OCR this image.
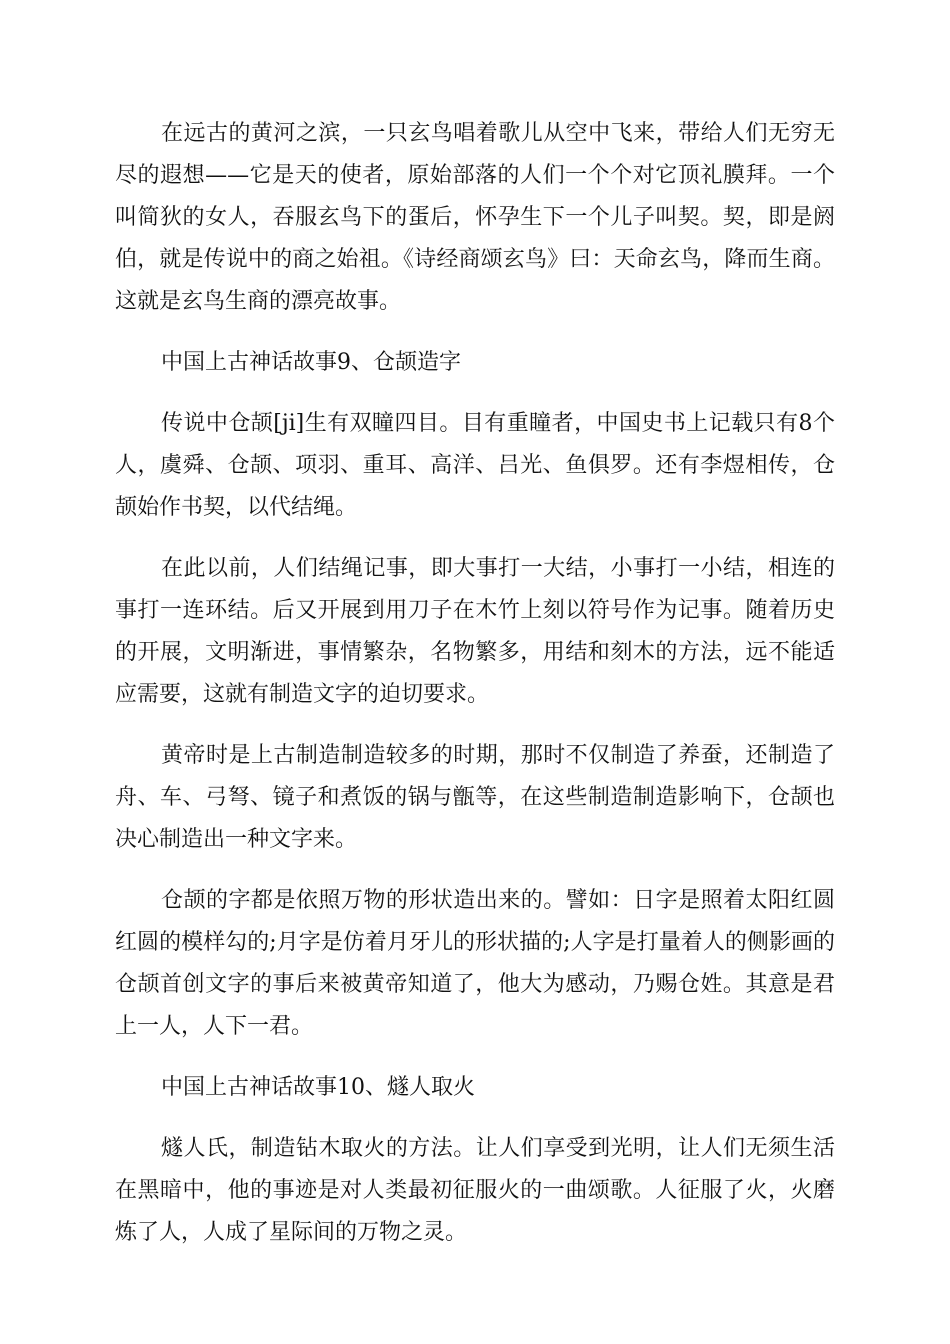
在远古的黄河之滨，一只玄鸟唱着歌儿从空中飞来，带给人们无穷无尽的遐想——它是天的使者，原始部落的人们一个个对它顶礼膜拜。一个叫简狄的女人，吞服玄鸟下的蛋后，怀孕生下一个儿子叫契。契，即是阏伯，就是传说中的商之始祖。《诗经商颂玄鸟》曰：天命玄鸟，降而生商。这就是玄鸟生商的漂亮故事。

中国上古神话故事9、仓颉造字

传说中仓颉[ji]生有双瞳四目。目有重瞳者，中国史书上记载只有8个人，虞舜、仓颉、项羽、重耳、高洋、吕光、鱼俱罗。还有李煜相传，仓颉始作书契，以代结绳。

在此以前，人们结绳记事，即大事打一大结，小事打一小结，相连的事打一连环结。后又开展到用刀子在木竹上刻以符号作为记事。随着历史的开展，文明渐进，事情繁杂，名物繁多，用结和刻木的方法，远不能适应需要，这就有制造文字的迫切要求。

黄帝时是上古制造制造较多的时期，那时不仅制造了养蚕，还制造了舟、车、弓弩、镜子和煮饭的锅与甑等，在这些制造制造影响下，仓颉也决心制造出一种文字来。

仓颉的字都是依照万物的形状造出来的。譬如：日字是照着太阳红圆红圆的模样勾的;月字是仿着月牙儿的形状描的;人字是打量着人的侧影画的仓颉首创文字的事后来被黄帝知道了，他大为感动，乃赐仓姓。其意是君上一人，人下一君。

中国上古神话故事10、燧人取火

燧人氏，制造钻木取火的方法。让人们享受到光明，让人们无须生活在黑暗中，他的事迹是对人类最初征服火的一曲颂歌。人征服了火，火磨炼了人，人成了星际间的万物之灵。
